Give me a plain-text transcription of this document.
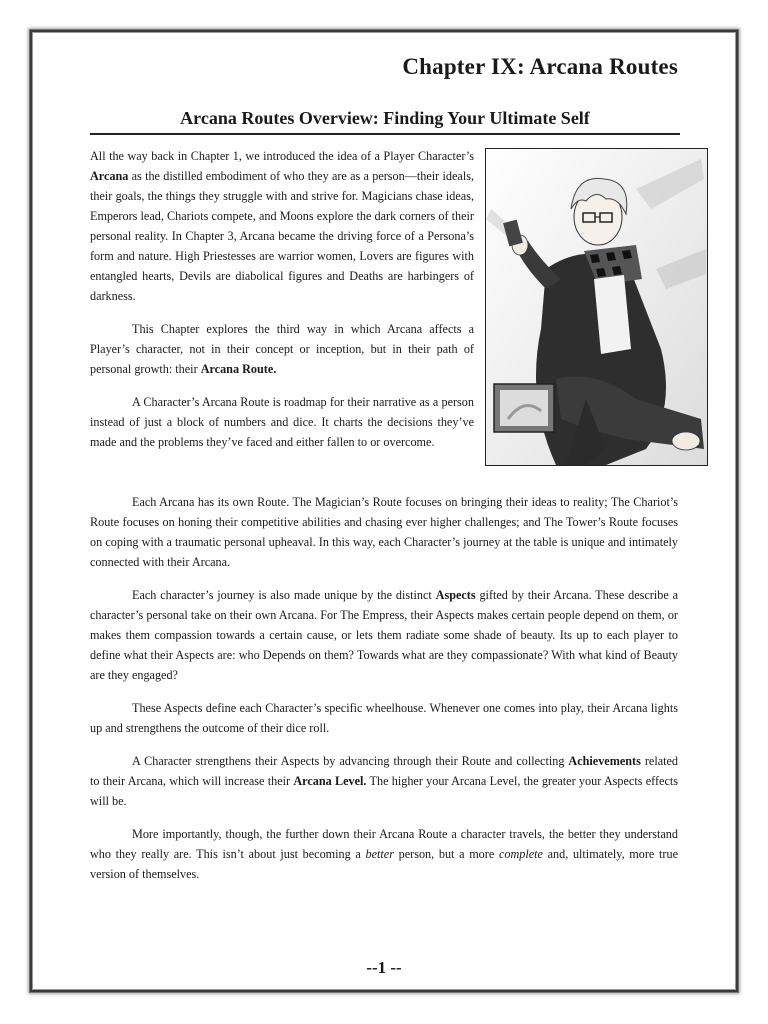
Chapter IX: Arcana Routes
Arcana Routes Overview: Finding Your Ultimate Self

All the way back in Chapter 1, we introduced the idea of a Player Character’s Arcana as the distilled embodiment of who they are as a person—their ideals, their goals, the things they struggle with and strive for. Magicians chase ideas, Emperors lead, Chariots compete, and Moons explore the dark corners of their personal reality. In Chapter 3, Arcana became the driving force of a Persona’s form and nature. High Priestesses are warrior women, Lovers are figures with entangled hearts, Devils are diabolical figures and Deaths are harbingers of darkness.

This Chapter explores the third way in which Arcana affects a Player’s character, not in their concept or inception, but in their path of personal growth: their Arcana Route.

A Character’s Arcana Route is roadmap for their narrative as a person instead of just a block of numbers and dice. It charts the decisions they’ve made and the problems they’ve faced and either fallen to or overcome.

Each Arcana has its own Route. The Magician’s Route focuses on bringing their ideas to reality; The Chariot’s Route focuses on honing their competitive abilities and chasing ever higher challenges; and The Tower’s Route focuses on coping with a traumatic personal upheaval. In this way, each Character’s journey at the table is unique and intimately connected with their Arcana.

Each character’s journey is also made unique by the distinct Aspects gifted by their Arcana. These describe a character’s personal take on their own Arcana. For The Empress, their Aspects makes certain people depend on them, or makes them compassion towards a certain cause, or lets them radiate some shade of beauty. Its up to each player to define what their Aspects are: who Depends on them? Towards what are they compassionate? With what kind of Beauty are they engaged?

These Aspects define each Character’s specific wheelhouse. Whenever one comes into play, their Arcana lights up and strengthens the outcome of their dice roll.

A Character strengthens their Aspects by advancing through their Route and collecting Achievements related to their Arcana, which will increase their Arcana Level. The higher your Arcana Level, the greater your Aspects effects will be.

More importantly, though, the further down their Arcana Route a character travels, the better they understand who they really are. This isn’t about just becoming a better person, but a more complete and, ultimately, more true version of themselves.

--1 --
